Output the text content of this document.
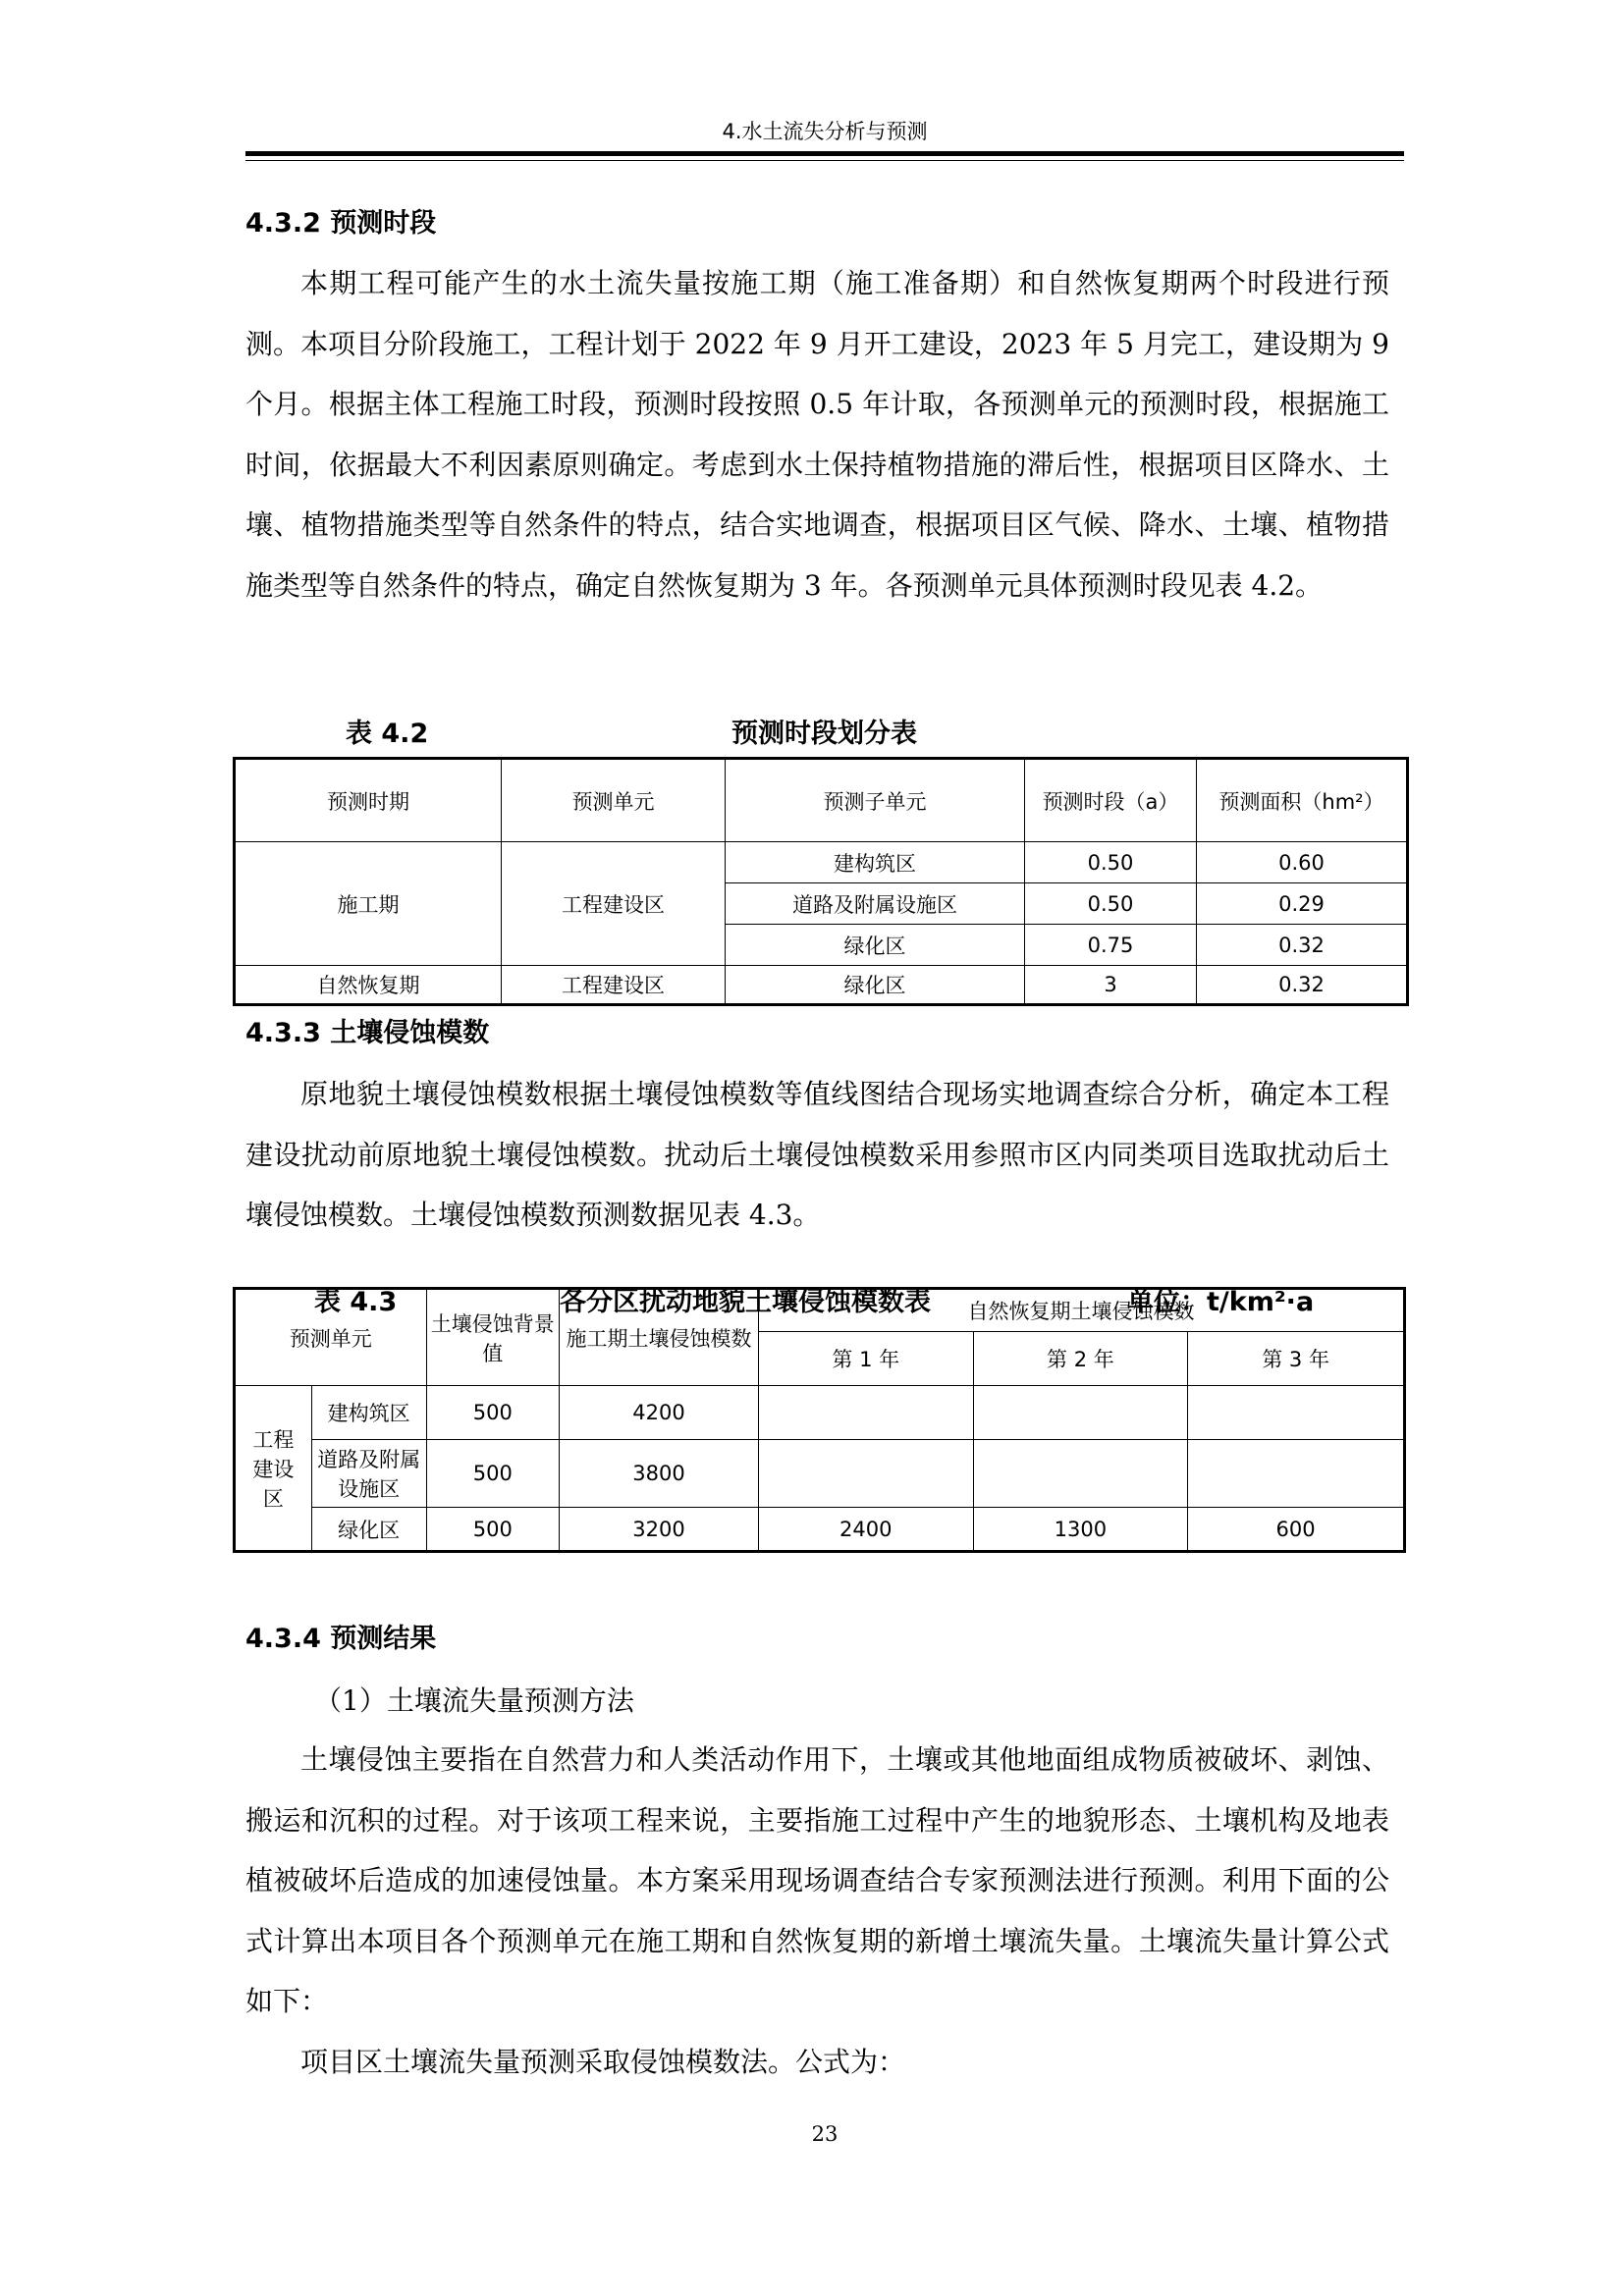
4.水土流失分析与预测
4.3.2 预测时段
本期工程可能产生的水土流失量按施工期（施工准备期）和自然恢复期两个时段进行预测。本项目分阶段施工，工程计划于 2022 年 9 月开工建设，2023 年 5 月完工，建设期为 9 个月。根据主体工程施工时段，预测时段按照 0.5 年计取，各预测单元的预测时段，根据施工时间，依据最大不利因素原则确定。考虑到水土保持植物措施的滞后性，根据项目区降水、土壤、植物措施类型等自然条件的特点，结合实地调查，根据项目区气候、降水、土壤、植物措施类型等自然条件的特点，确定自然恢复期为 3 年。各预测单元具体预测时段见表 4.2。
表 4.2	预测时段划分表
预测时期	预测单元	预测子单元	预测时段（a）	预测面积（hm²）
施工期	工程建设区	建构筑区	0.50	0.60
		道路及附属设施区	0.50	0.29
		绿化区	0.75	0.32
自然恢复期	工程建设区	绿化区	3	0.32
4.3.3 土壤侵蚀模数
原地貌土壤侵蚀模数根据土壤侵蚀模数等值线图结合现场实地调查综合分析，确定本工程建设扰动前原地貌土壤侵蚀模数。扰动后土壤侵蚀模数采用参照市区内同类项目选取扰动后土壤侵蚀模数。土壤侵蚀模数预测数据见表 4.3。
表 4.3	各分区扰动地貌土壤侵蚀模数表	单位：t/km²·a
预测单元		土壤侵蚀背景值	施工期土壤侵蚀模数	自然恢复期土壤侵蚀模数		
				第 1 年	第 2 年	第 3 年
工程建设区	建构筑区	500	4200			
	道路及附属设施区	500	3800			
	绿化区	500	3200	2400	1300	600
4.3.4 预测结果
（1）土壤流失量预测方法
土壤侵蚀主要指在自然营力和人类活动作用下，土壤或其他地面组成物质被破坏、剥蚀、搬运和沉积的过程。对于该项工程来说，主要指施工过程中产生的地貌形态、土壤机构及地表植被破坏后造成的加速侵蚀量。本方案采用现场调查结合专家预测法进行预测。利用下面的公式计算出本项目各个预测单元在施工期和自然恢复期的新增土壤流失量。土壤流失量计算公式如下：
项目区土壤流失量预测采取侵蚀模数法。公式为：
23
